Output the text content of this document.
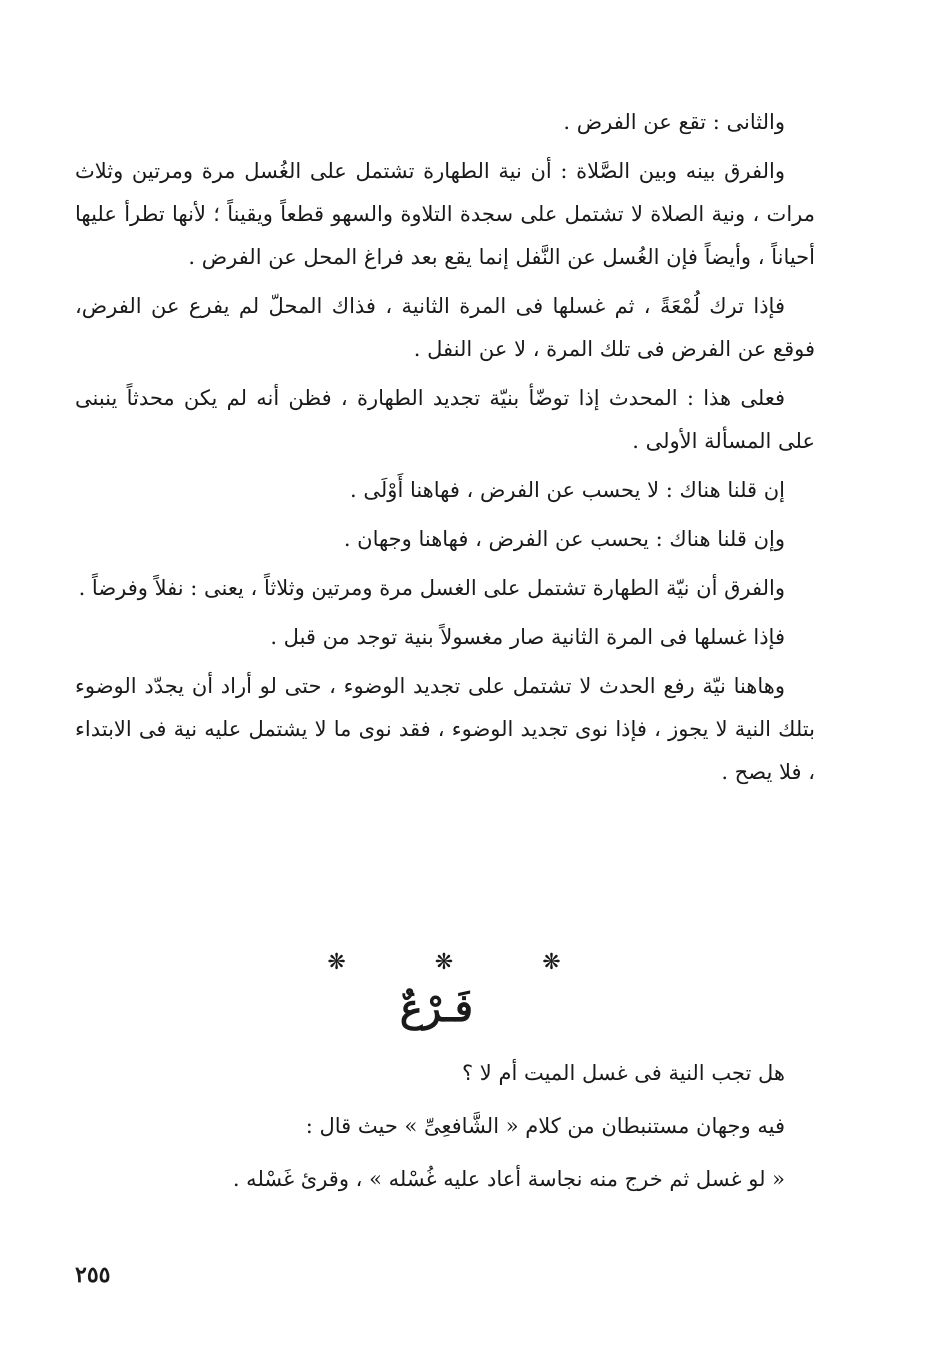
والثانى : تقع عن الفرض .

والفرق بينه وبين الصَّلاة : أن نية الطهارة تشتمل على الغُسل مرة ومرتين وثلاث مرات ، ونية الصلاة لا تشتمل على سجدة التلاوة والسهو قطعاً ويقيناً ؛ لأنها تطرأ عليها أحياناً ، وأيضاً فإن الغُسل عن النَّفل إنما يقع بعد فراغ المحل عن الفرض .

فإذا ترك لُمْعَةً ، ثم غسلها فى المرة الثانية ، فذاك المحلّ لم يفرع عن الفرض، فوقع عن الفرض فى تلك المرة ، لا عن النفل .

فعلى هذا : المحدث إذا توضّأ بنيّة تجديد الطهارة ، فظن أنه لم يكن محدثاً ينبنى على المسألة الأولى .

إن قلنا هناك : لا يحسب عن الفرض ، فهاهنا أَوْلَى .

وإن قلنا هناك : يحسب عن الفرض ، فهاهنا وجهان .

والفرق أن نيّة الطهارة تشتمل على الغسل مرة ومرتين وثلاثاً ، يعنى : نفلاً وفرضاً .

فإذا غسلها فى المرة الثانية صار مغسولاً بنية توجد من قبل .

وهاهنا نيّة رفع الحدث لا تشتمل على تجديد الوضوء ، حتى لو أراد أن يجدّد الوضوء بتلك النية لا يجوز ، فإذا نوى تجديد الوضوء ، فقد نوى ما لا يشتمل عليه نية فى الابتداء ، فلا يصح .

❋ ❋ ❋
فَـرْعٌ

هل تجب النية فى غسل الميت أم لا ؟

فيه وجهان مستنبطان من كلام « الشَّافعِىِّ » حيث قال :

« لو غسل ثم خرج منه نجاسة أعاد عليه غُسْله » ، وقرئ غَسْله .

٢٥٥
